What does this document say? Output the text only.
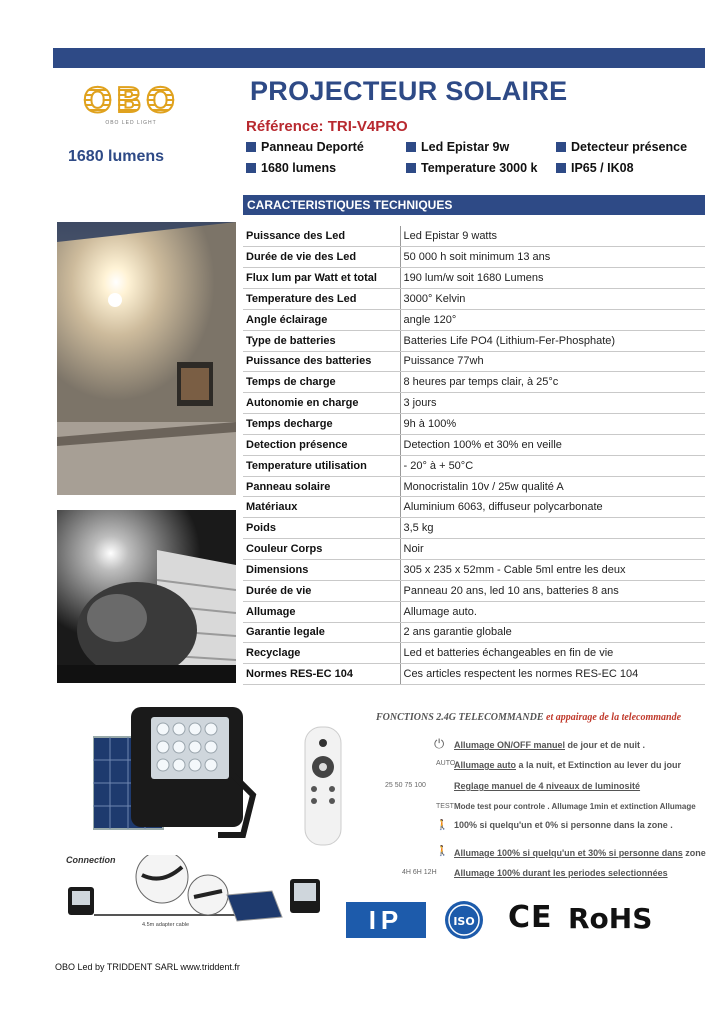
OBO
OBO LED LIGHT
1680 lumens
PROJECTEUR SOLAIRE
Référence: TRI-V4PRO
Panneau Deporté	Led Epistar 9w	Detecteur présence
1680 lumens	Temperature 3000 k	IP65 / IK08
CARACTERISTIQUES TECHNIQUES
Puissance des Led	Led Epistar 9 watts
Durée de vie des Led	50 000 h soit minimum 13 ans
Flux lum par Watt et total	190 lum/w soit 1680 Lumens
Temperature des Led	3000° Kelvin
Angle éclairage	angle 120°
Type de batteries	Batteries Life PO4 (Lithium-Fer-Phosphate)
Puissance des batteries	Puissance 77wh
Temps de charge	8 heures par temps clair, à 25°c
Autonomie en charge	3 jours
Temps decharge	9h à 100%
Detection présence	Detection 100% et 30% en veille
Temperature utilisation	- 20° à + 50°C
Panneau solaire	Monocristalin 10v / 25w qualité A
Matériaux	Aluminium 6063, diffuseur polycarbonate
Poids	3,5 kg
Couleur Corps	Noir
Dimensions	305 x 235 x 52mm - Cable 5ml entre les deux
Durée de vie	Panneau 20 ans, led 10 ans, batteries 8 ans
Allumage	Allumage auto.
Garantie legale	2 ans garantie globale
Recyclage	Led et batteries échangeables en fin de vie
Normes RES-EC 104	Ces articles respectent les normes RES-EC 104
Connection
4.5m adapter cable
FONCTIONS 2.4G TELECOMMANDE et appairage de la telecommande
⏻ Allumage ON/OFF manuel de jour et de nuit .
AUTO
Allumage auto a la nuit, et Extinction au lever du jour
25 50 75 100	Reglage manuel de 4 niveaux de luminosité
TEST Mode test pour controle . Allumage 1min et extinction Allumage
🚶 100% si quelqu'un et 0% si personne dans la zone .
🚶 Allumage 100% si quelqu'un et 30% si personne dans zone
4H 6H 12H Allumage 100% durant les periodes selectionnées
IP 65
ISO CE RoHS
OBO Led by TRIDDENT SARL www.triddent.fr
